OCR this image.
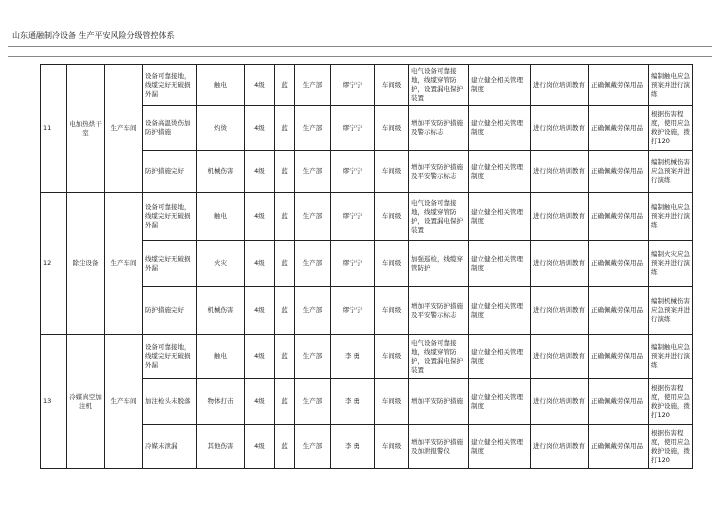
山东通融制冷设备 生产平安风险分级管控体系
11	电加热烘干室	生产车间	设备可靠接地，线缆完好无破损外漏	触电	4级	蓝	生产部	缪宁宁	车间级	电气设备可靠接地，线缆穿管防护，设置漏电保护装置	建立健全相关管理制度	进行岗位培训教育	正确佩戴劳保用品	编制触电应急预案并进行演练
			设备高温烫伤加防护措施	灼烫	4级	蓝	生产部	缪宁宁	车间级	增加平安防护措施及警示标志	建立健全相关管理制度	进行岗位培训教育	正确佩戴劳保用品	根据伤害程度，使用应急救护设施，拨打120
			防护措施完好	机械伤害	4级	蓝	生产部	缪宁宁	车间级	增加平安防护措施及平安警示标志	建立健全相关管理制度	进行岗位培训教育	正确佩戴劳保用品	编制机械伤害应急预案并进行演练
12	除尘设备	生产车间	设备可靠接地，线缆完好无破损外漏	触电	4级	蓝	生产部	缪宁宁	车间级	电气设备可靠接地，线缆穿管防护，设置漏电保护装置	建立健全相关管理制度	进行岗位培训教育	正确佩戴劳保用品	编制触电应急预案并进行演练
			线缆完好无破损外漏	火灾	4级	蓝	生产部	缪宁宁	车间级	加强巡检，线缆穿管防护	建立健全相关管理制度	进行岗位培训教育	正确佩戴劳保用品	编制火灾应急预案并进行演练
			防护措施完好	机械伤害	4级	蓝	生产部	缪宁宁	车间级	增加平安防护措施及平安警示标志	建立健全相关管理制度	进行岗位培训教育	正确佩戴劳保用品	编制机械伤害应急预案并进行演练
13	冷媒真空加注机	生产车间	设备可靠接地，线缆完好无破损外漏	触电	4级	蓝	生产部	李 勇	车间级	电气设备可靠接地，线缆穿管防护，设置漏电保护装置	建立健全相关管理制度	进行岗位培训教育	正确佩戴劳保用品	编制触电应急预案并进行演练
			加注枪头未脱落	物体打击	4级	蓝	生产部	李 勇	车间级	增加平安防护措施	建立健全相关管理制度	进行岗位培训教育	正确佩戴劳保用品	根据伤害程度，使用应急救护设施，拨打120
			冷媒未泄漏	其他伤害	4级	蓝	生产部	李 勇	车间级	增加平安防护措施及加泄报警仪	建立健全相关管理制度	进行岗位培训教育	正确佩戴劳保用品	根据伤害程度，使用应急救护设施，拨打120
